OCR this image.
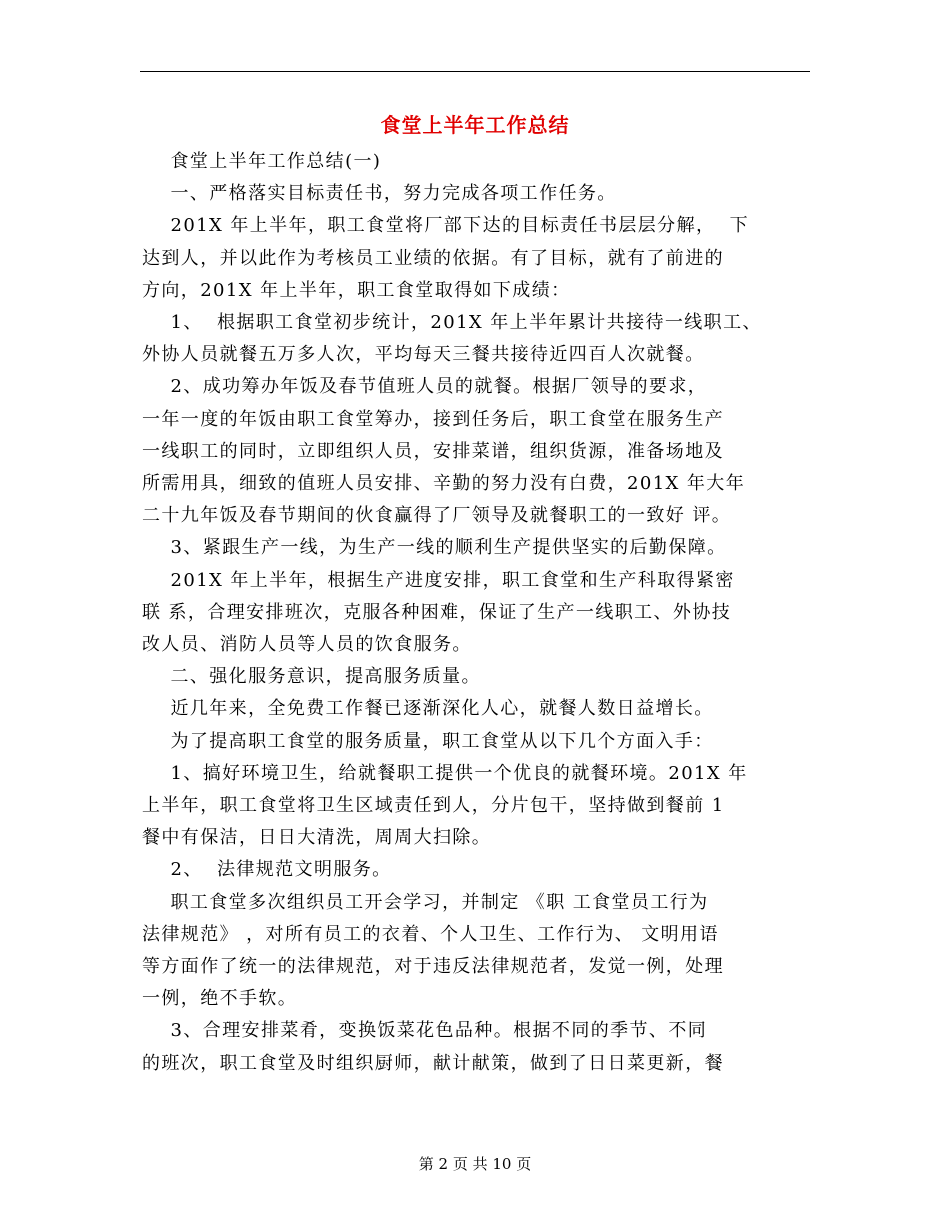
食堂上半年工作总结
食堂上半年工作总结(一)
一、严格落实目标责任书，努力完成各项工作任务。
201X 年上半年，职工食堂将厂部下达的目标责任书层层分解，  下
达到人，并以此作为考核员工业绩的依据。有了目标，就有了前进的
方向，201X 年上半年，职工食堂取得如下成绩：
1、  根据职工食堂初步统计，201X 年上半年累计共接待一线职工、
外协人员就餐五万多人次，平均每天三餐共接待近四百人次就餐。
2、成功筹办年饭及春节值班人员的就餐。根据厂领导的要求，
一年一度的年饭由职工食堂筹办，接到任务后，职工食堂在服务生产
一线职工的同时，立即组织人员，安排菜谱，组织货源，准备场地及
所需用具，细致的值班人员安排、辛勤的努力没有白费，201X 年大年
二十九年饭及春节期间的伙食赢得了厂领导及就餐职工的一致好 评。
3、紧跟生产一线，为生产一线的顺利生产提供坚实的后勤保障。
201X 年上半年，根据生产进度安排，职工食堂和生产科取得紧密
联 系，合理安排班次，克服各种困难，保证了生产一线职工、外协技
改人员、消防人员等人员的饮食服务。
二、强化服务意识，提高服务质量。
近几年来，全免费工作餐已逐渐深化人心，就餐人数日益增长。
为了提高职工食堂的服务质量，职工食堂从以下几个方面入手：
1、搞好环境卫生，给就餐职工提供一个优良的就餐环境。201X 年
上半年，职工食堂将卫生区域责任到人，分片包干，坚持做到餐前 1
餐中有保洁，日日大清洗，周周大扫除。
2、  法律规范文明服务。
职工食堂多次组织员工开会学习，并制定 《职 工食堂员工行为
法律规范》 ，对所有员工的衣着、个人卫生、工作行为、 文明用语
等方面作了统一的法律规范，对于违反法律规范者，发觉一例，处理
一例，绝不手软。
3、合理安排菜肴，变换饭菜花色品种。根据不同的季节、不同
的班次，职工食堂及时组织厨师，献计献策，做到了日日菜更新，餐
第 2 页 共 10 页
